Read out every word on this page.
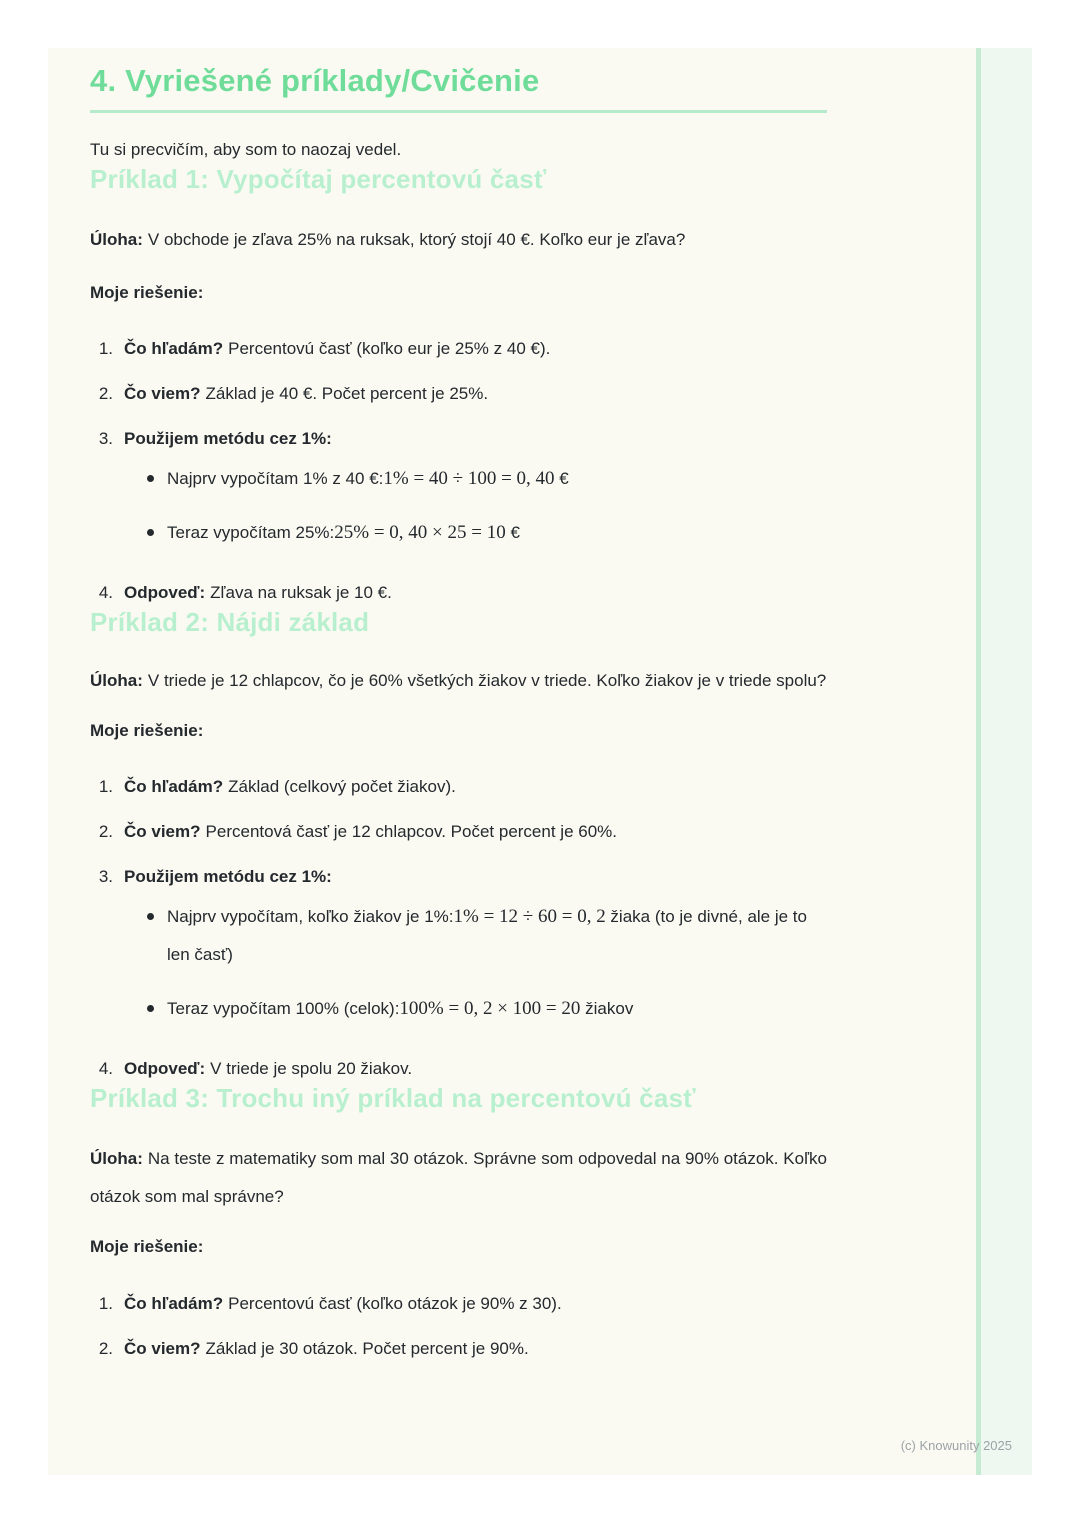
4. Vyriešené príklady/Cvičenie

Tu si precvičím, aby som to naozaj vedel.

Príklad 1: Vypočítaj percentovú časť

Úloha: V obchode je zľava 25% na ruksak, ktorý stojí 40 €. Koľko eur je zľava?

Moje riešenie:

1. Čo hľadám? Percentovú časť (koľko eur je 25% z 40 €).
2. Čo viem? Základ je 40 €. Počet percent je 25%.
3. Použijem metódu cez 1%:
Najprv vypočítam 1% z 40 €:1% = 40 ÷ 100 = 0, 40 €
Teraz vypočítam 25%:25% = 0, 40 × 25 = 10 €
4. Odpoveď: Zľava na ruksak je 10 €.
Príklad 2: Nájdi základ

Úloha: V triede je 12 chlapcov, čo je 60% všetkých žiakov v triede. Koľko žiakov je v triede spolu?

Moje riešenie:

1. Čo hľadám? Základ (celkový počet žiakov).
2. Čo viem? Percentová časť je 12 chlapcov. Počet percent je 60%.
3. Použijem metódu cez 1%:
Najprv vypočítam, koľko žiakov je 1%:1% = 12 ÷ 60 = 0, 2 žiaka (to je divné, ale je to len časť)
Teraz vypočítam 100% (celok):100% = 0, 2 × 100 = 20 žiakov
4. Odpoveď: V triede je spolu 20 žiakov.
Príklad 3: Trochu iný príklad na percentovú časť

Úloha: Na teste z matematiky som mal 30 otázok. Správne som odpovedal na 90% otázok. Koľko otázok som mal správne?

Moje riešenie:

1. Čo hľadám? Percentovú časť (koľko otázok je 90% z 30).
2. Čo viem? Základ je 30 otázok. Počet percent je 90%.
(c) Knowunity 2025
